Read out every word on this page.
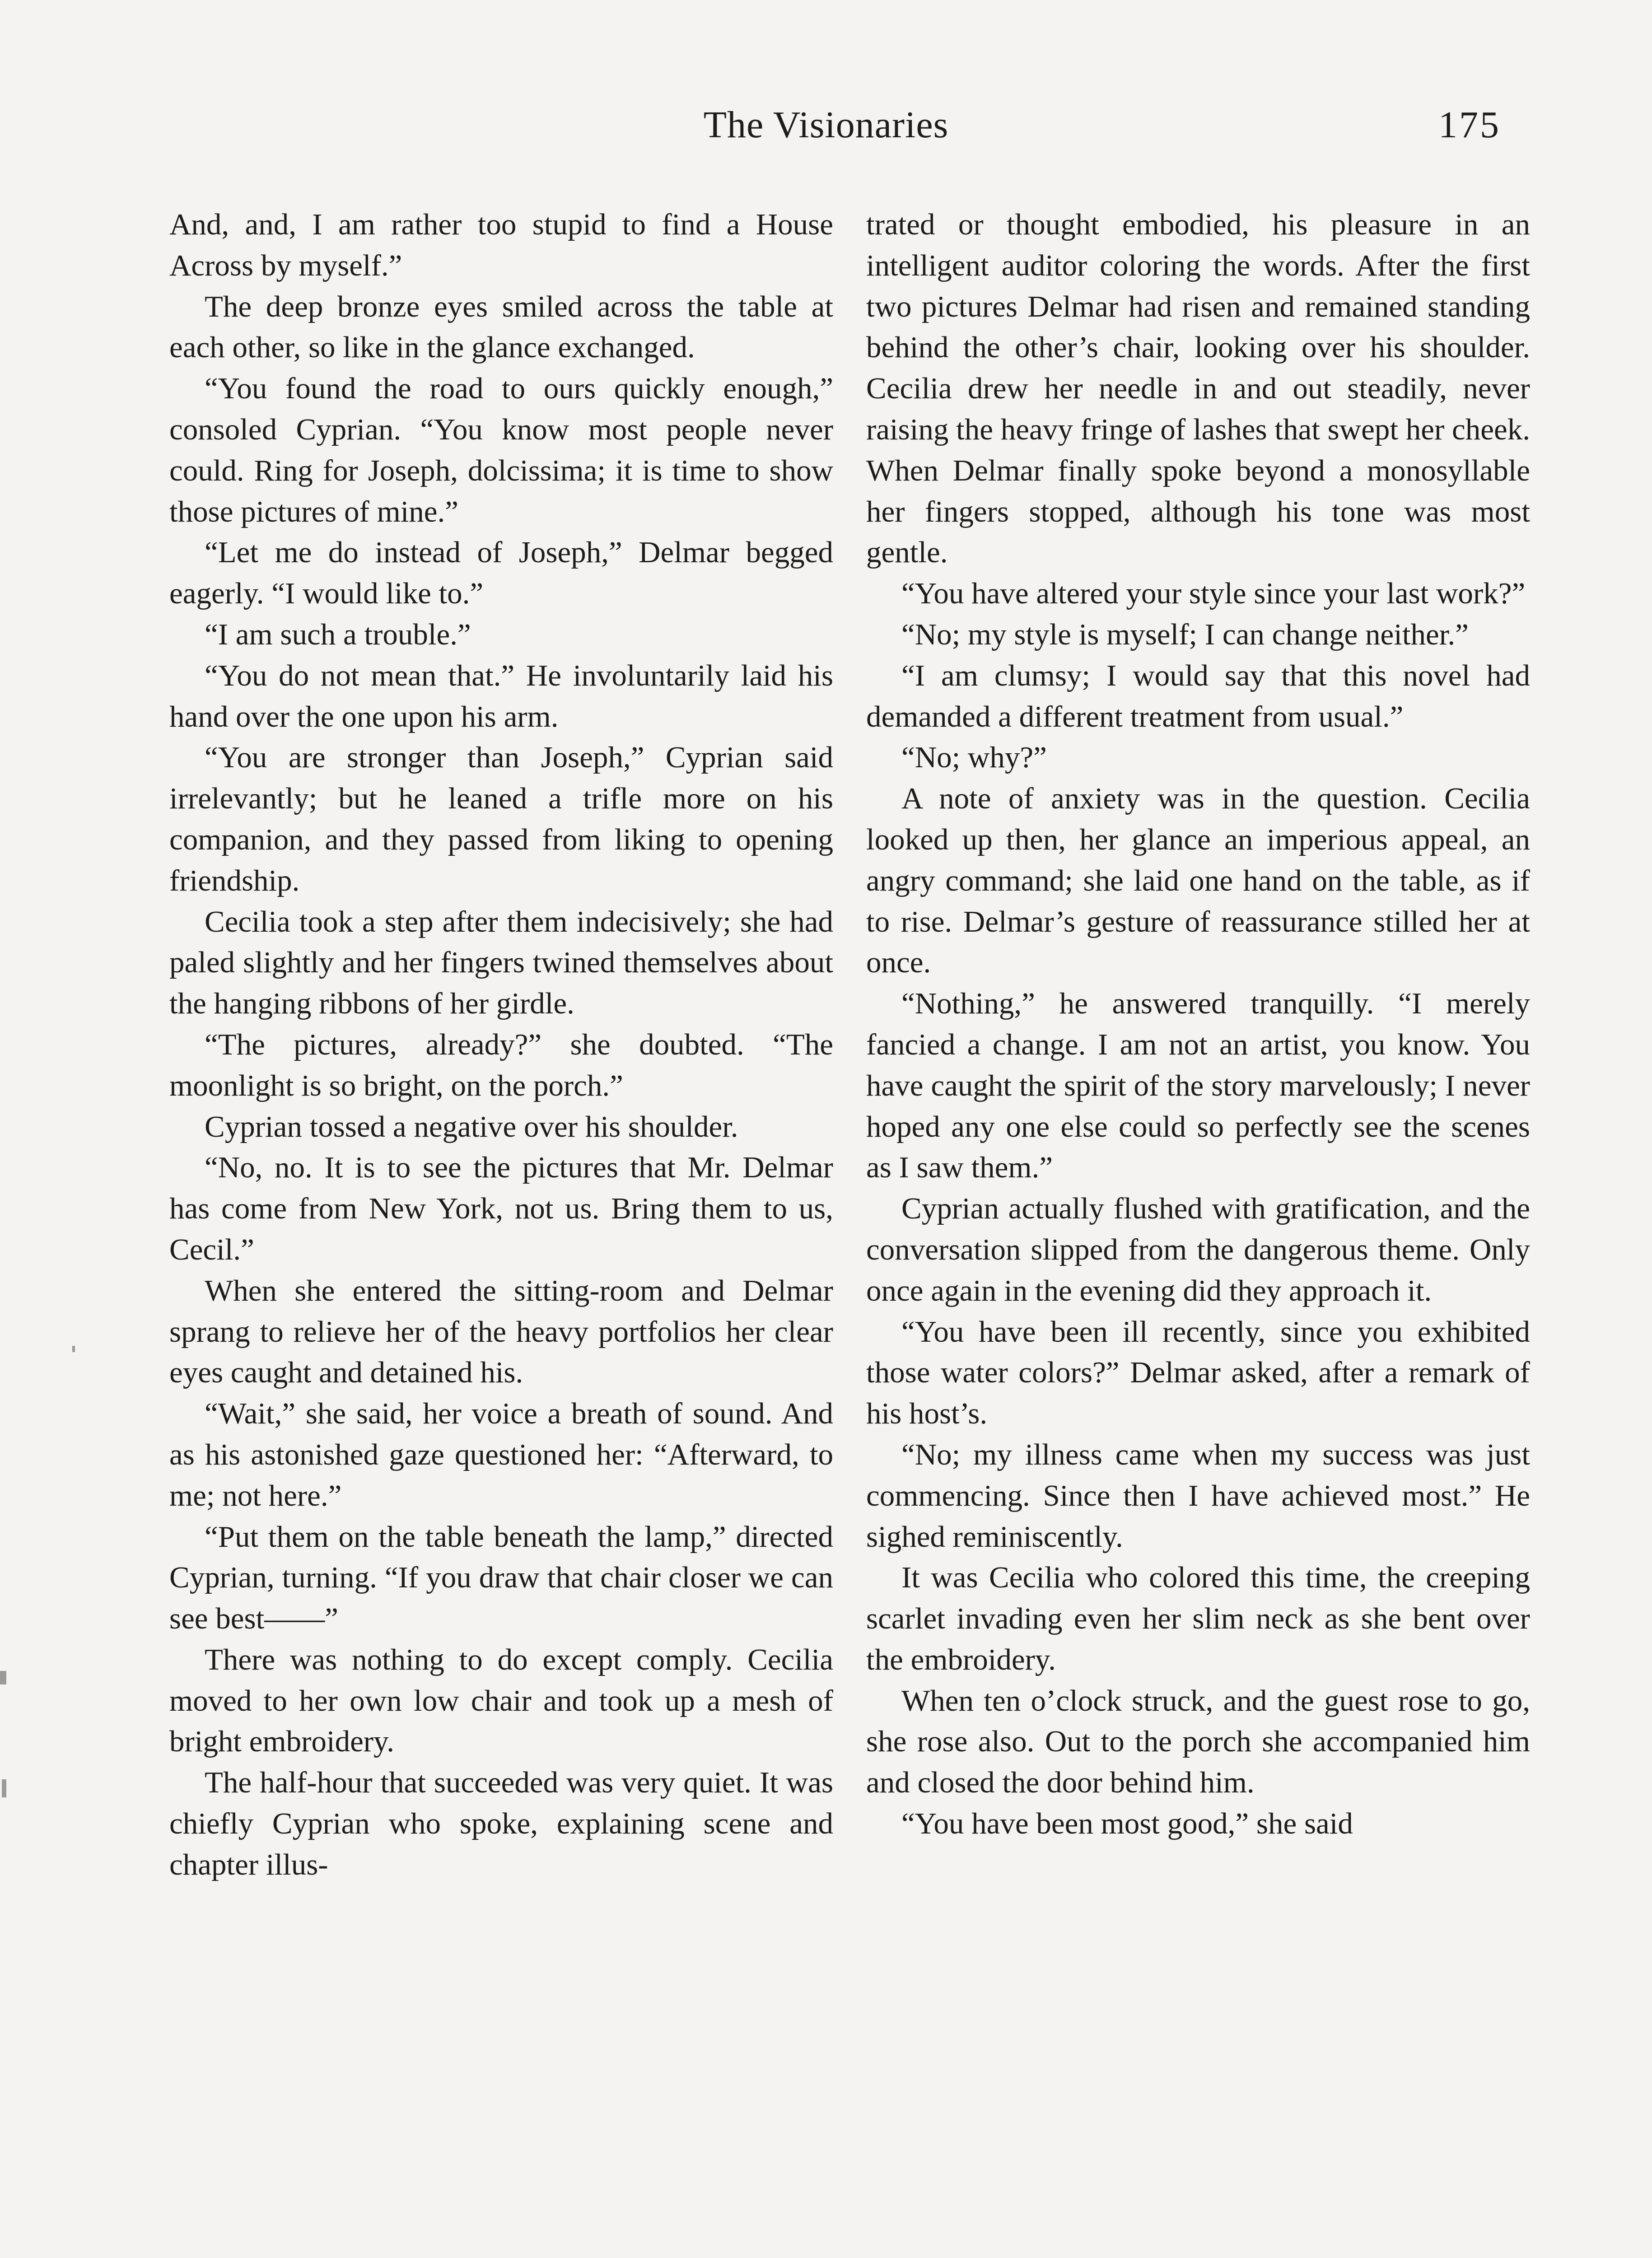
The Visionaries	175

And, and, I am rather too stupid to find a House Across by myself.”

The deep bronze eyes smiled across the table at each other, so like in the glance exchanged.

“You found the road to ours quickly enough,” consoled Cyprian. “You know most people never could. Ring for Joseph, dolcissima; it is time to show those pictures of mine.”

“Let me do instead of Joseph,” Delmar begged eagerly. “I would like to.”

“I am such a trouble.”

“You do not mean that.” He involuntarily laid his hand over the one upon his arm.

“You are stronger than Joseph,” Cyprian said irrelevantly; but he leaned a trifle more on his companion, and they passed from liking to opening friendship.

Cecilia took a step after them indecisively; she had paled slightly and her fingers twined themselves about the hanging ribbons of her girdle.

“The pictures, already?” she doubted. “The moonlight is so bright, on the porch.”

Cyprian tossed a negative over his shoulder.

“No, no. It is to see the pictures that Mr. Delmar has come from New York, not us. Bring them to us, Cecil.”

When she entered the sitting-room and Delmar sprang to relieve her of the heavy portfolios her clear eyes caught and detained his.

“Wait,” she said, her voice a breath of sound. And as his astonished gaze questioned her: “Afterward, to me; not here.”

“Put them on the table beneath the lamp,” directed Cyprian, turning. “If you draw that chair closer we can see best——”

There was nothing to do except comply. Cecilia moved to her own low chair and took up a mesh of bright embroidery.

The half-hour that succeeded was very quiet. It was chiefly Cyprian who spoke, explaining scene and chapter illus-

trated or thought embodied, his pleasure in an intelligent auditor coloring the words. After the first two pictures Delmar had risen and remained standing behind the other’s chair, looking over his shoulder. Cecilia drew her needle in and out steadily, never raising the heavy fringe of lashes that swept her cheek. When Delmar finally spoke beyond a monosyllable her fingers stopped, although his tone was most gentle.

“You have altered your style since your last work?”

“No; my style is myself; I can change neither.”

“I am clumsy; I would say that this novel had demanded a different treatment from usual.”

“No; why?”

A note of anxiety was in the question. Cecilia looked up then, her glance an imperious appeal, an angry command; she laid one hand on the table, as if to rise. Delmar’s gesture of reassurance stilled her at once.

“Nothing,” he answered tranquilly. “I merely fancied a change. I am not an artist, you know. You have caught the spirit of the story marvelously; I never hoped any one else could so perfectly see the scenes as I saw them.”

Cyprian actually flushed with gratification, and the conversation slipped from the dangerous theme. Only once again in the evening did they approach it.

“You have been ill recently, since you exhibited those water colors?” Delmar asked, after a remark of his host’s.

“No; my illness came when my success was just commencing. Since then I have achieved most.” He sighed reminiscently.

It was Cecilia who colored this time, the creeping scarlet invading even her slim neck as she bent over the embroidery.

When ten o’clock struck, and the guest rose to go, she rose also. Out to the porch she accompanied him and closed the door behind him.

“You have been most good,” she said
